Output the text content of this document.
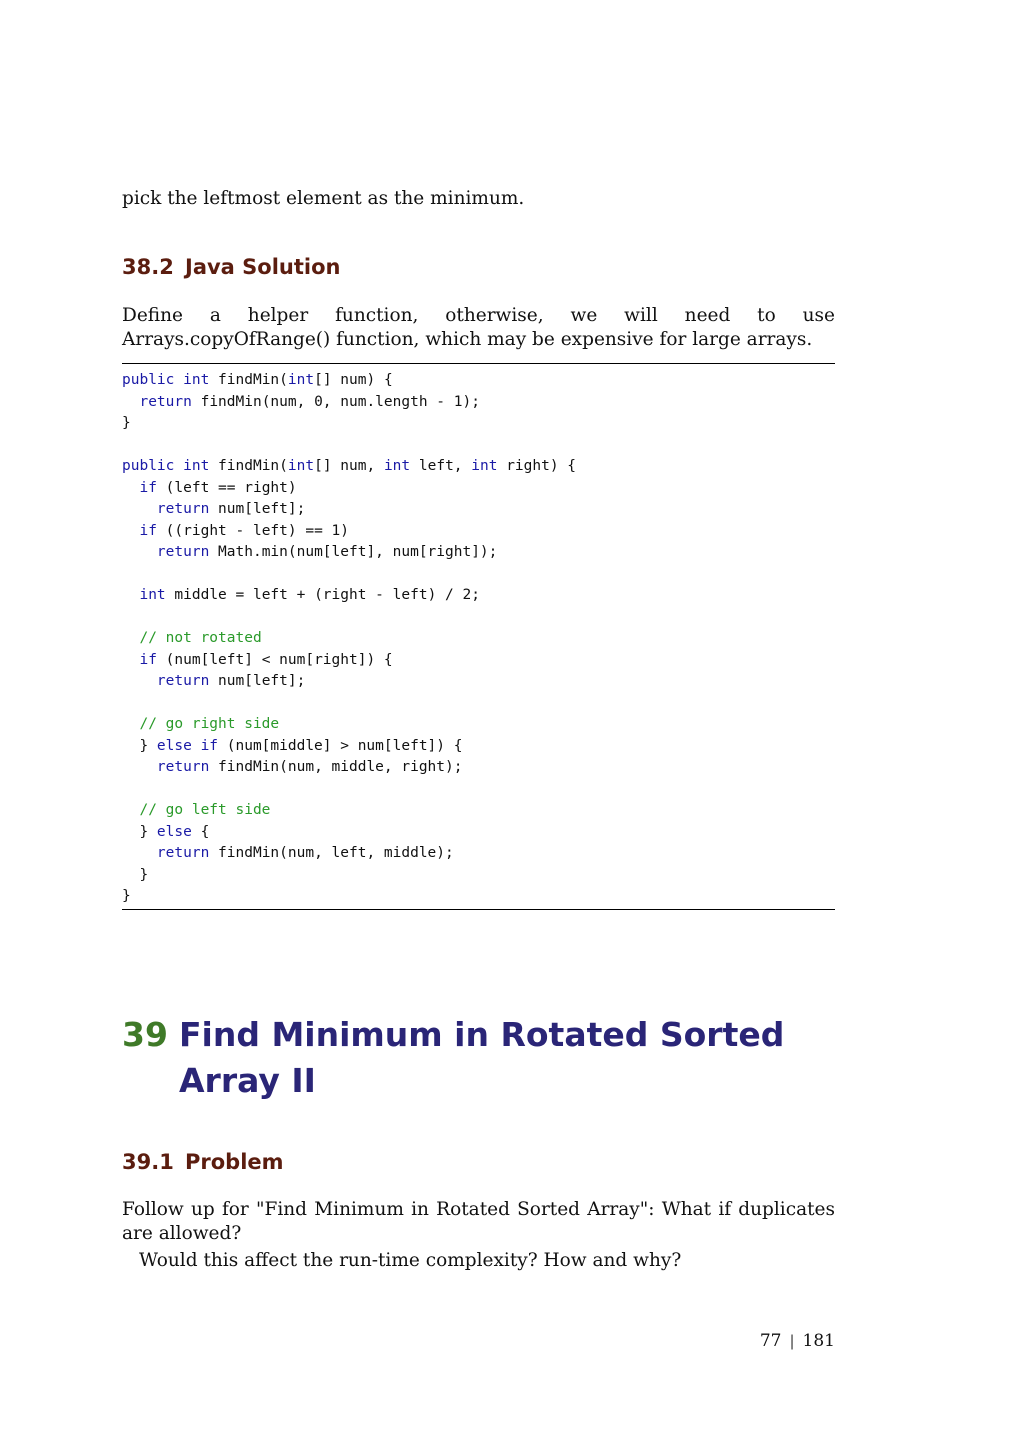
pick the leftmost element as the minimum.

38.2 Java Solution

Define a helper function, otherwise, we will need to use Arrays.copyOfRange() function, which may be expensive for large arrays.

public int findMin(int[] num) {
return findMin(num, 0, num.length - 1);
}

public int findMin(int[] num, int left, int right) {
if (left == right)
return num[left];
if ((right - left) == 1)
return Math.min(num[left], num[right]);

int middle = left + (right - left) / 2;

// not rotated
if (num[left] < num[right]) {
return num[left];

// go right side
} else if (num[middle] > num[left]) {
return findMin(num, middle, right);

// go left side
} else {
return findMin(num, left, middle);
}
}
39 Find Minimum in Rotated Sorted Array II
39.1 Problem

Follow up for "Find Minimum in Rotated Sorted Array": What if duplicates are allowed?

Would this affect the run-time complexity? How and why?

77 | 181
